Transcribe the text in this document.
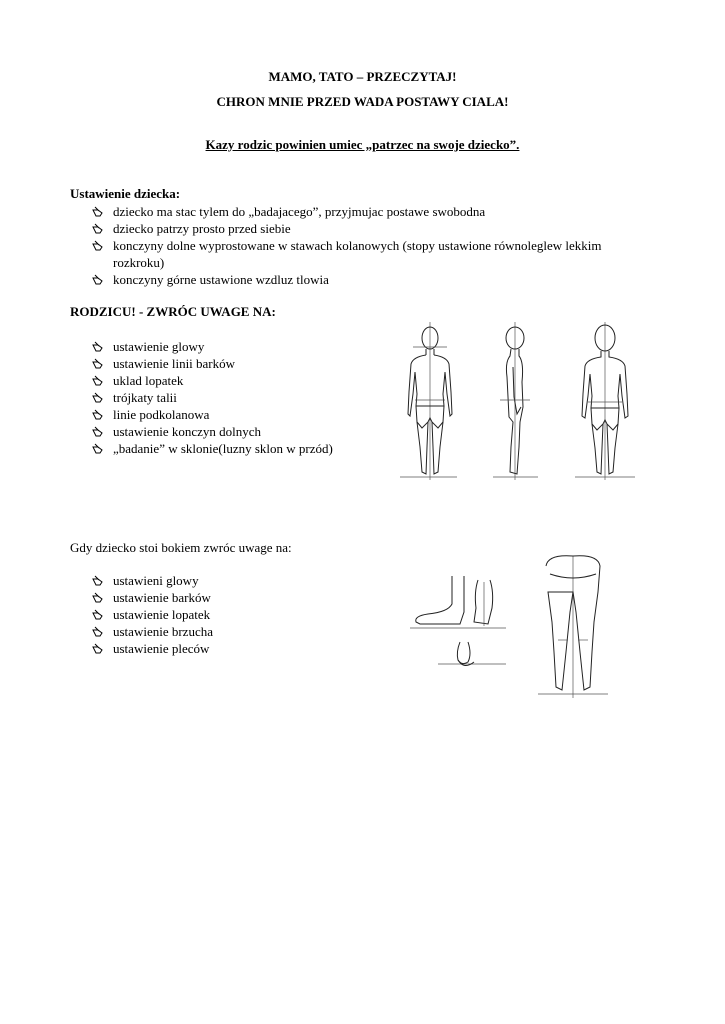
MAMO, TATO – PRZECZYTAJ!
CHRON MNIE PRZED WADA POSTAWY CIALA!
Kazy rodzic powinien umiec „patrzec na swoje dziecko”.
Ustawienie dziecka:
dziecko ma stac tylem do „badajacego”, przyjmujac postawe swobodna
dziecko patrzy prosto przed siebie
konczyny dolne wyprostowane w stawach kolanowych (stopy ustawione równoleglew lekkim rozkroku)
konczyny górne ustawione wzdluz tlowia
RODZICU! - ZWRÓC UWAGE NA:
ustawienie glowy
ustawienie linii barków
uklad lopatek
trójkaty talii
linie podkolanowa
ustawienie konczyn dolnych
„badanie” w sklonie(luzny sklon w przód)
Gdy dziecko stoi bokiem zwróc uwage na:
ustawieni glowy
ustawienie barków
ustawienie lopatek
ustawienie brzucha
ustawienie pleców
